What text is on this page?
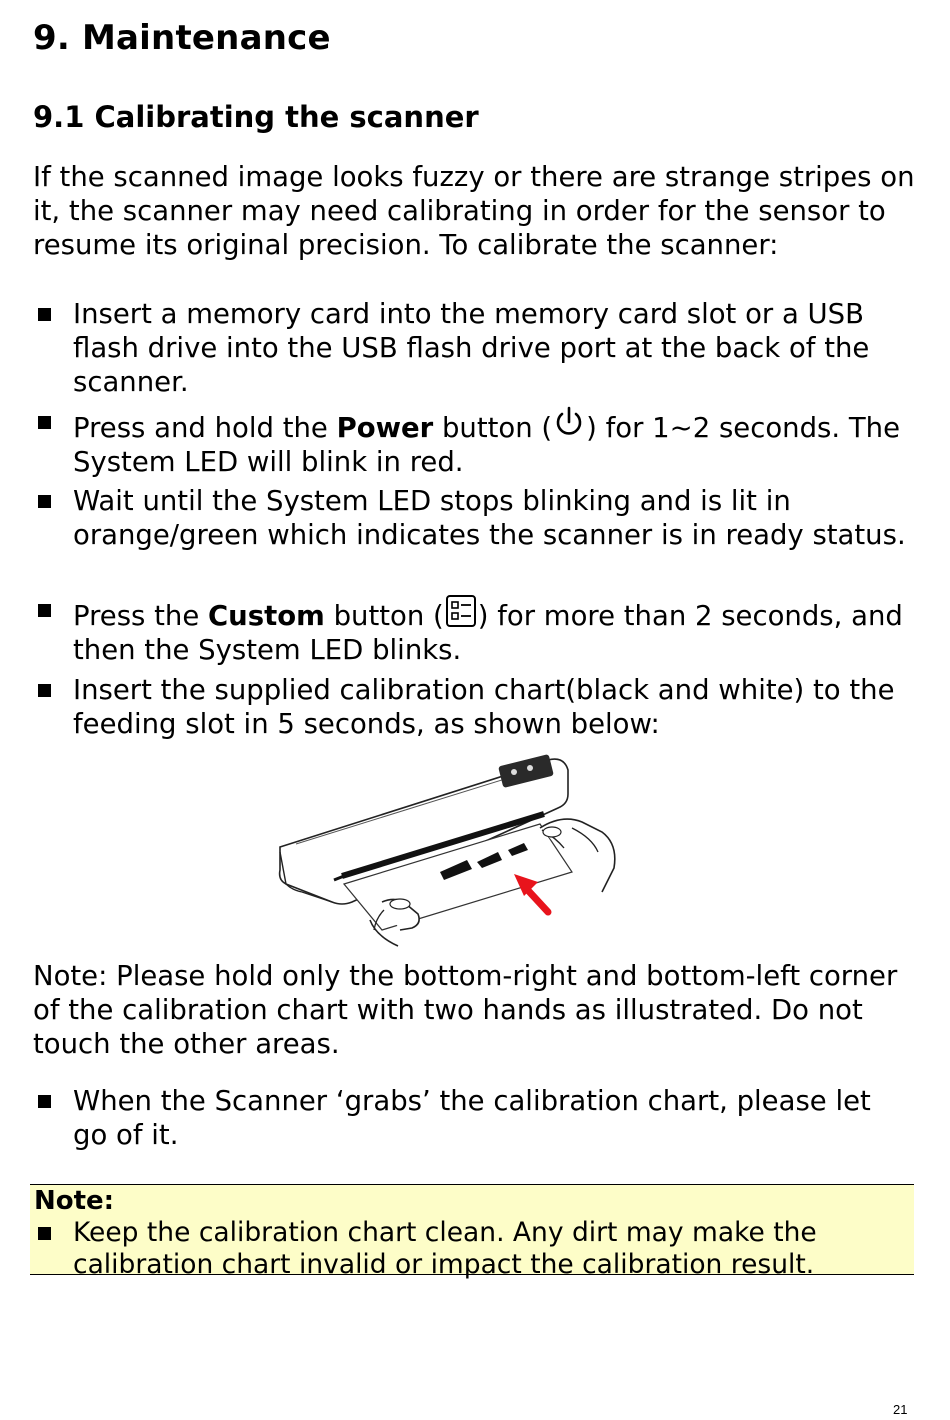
9. Maintenance
9.1 Calibrating the scanner

If the scanned image looks fuzzy or there are strange stripes on it, the scanner may need calibrating in order for the sensor to resume its original precision. To calibrate the scanner:

Insert a memory card into the memory card slot or a USB flash drive into the USB flash drive port at the back of the scanner.
Press and hold the Power button ( ) for 1~2 seconds. The System LED will blink in red.
Wait until the System LED stops blinking and is lit in orange/green which indicates the scanner is in ready status.
Press the Custom button ( ) for more than 2 seconds, and then the System LED blinks.
Insert the supplied calibration chart(black and white) to the feeding slot in 5 seconds, as shown below:

Note: Please hold only the bottom-right and bottom-left corner of the calibration chart with two hands as illustrated. Do not touch the other areas.

When the Scanner ‘grabs’ the calibration chart, please let go of it.
Note:
Keep the calibration chart clean. Any dirt may make the calibration chart invalid or impact the calibration result.
21
